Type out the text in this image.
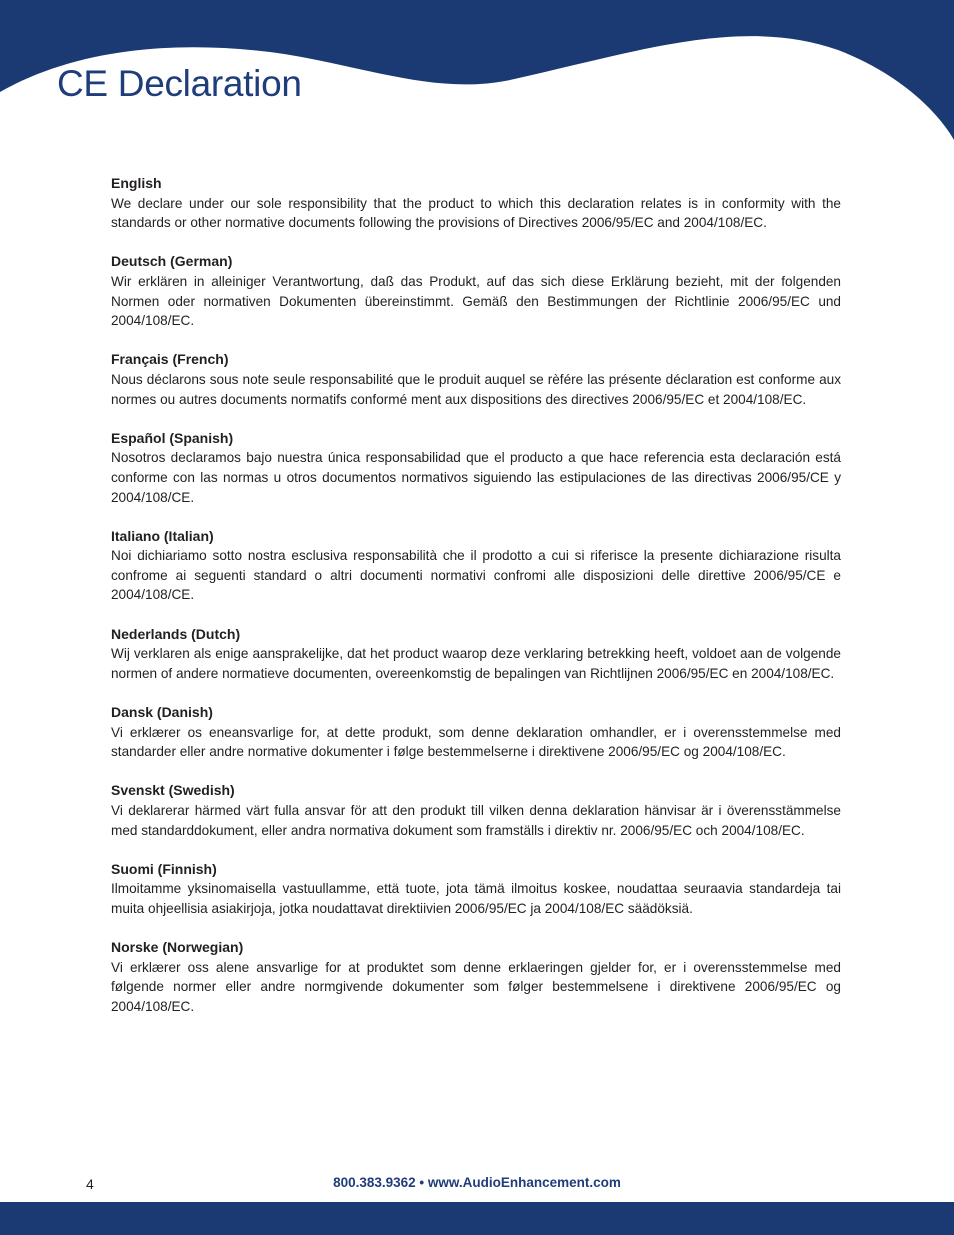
CE Declaration

English

We declare under our sole responsibility that the product to which this declaration relates is in conformity with the standards or other normative documents following the provisions of Directives 2006/95/EC and 2004/108/EC.

Deutsch (German)

Wir erklären in alleiniger Verantwortung, daß das Produkt, auf das sich diese Erklärung bezieht, mit der folgenden Normen oder normativen Dokumenten übereinstimmt. Gemäß den Bestimmungen der Richtlinie 2006/95/EC und 2004/108/EC.

Français (French)

Nous déclarons sous note seule responsabilité que le produit auquel se rèfére las présente déclaration est conforme aux normes ou autres documents normatifs conformé ment aux dispositions des directives 2006/95/EC et 2004/108/EC.

Español (Spanish)

Nosotros declaramos bajo nuestra única responsabilidad que el producto a que hace referencia esta declaración está conforme con las normas u otros documentos normativos siguiendo las estipulaciones de las directivas 2006/95/CE y 2004/108/CE.

Italiano (Italian)

Noi dichiariamo sotto nostra esclusiva responsabilità che il prodotto a cui si riferisce la presente dichiarazione risulta confrome ai seguenti standard o altri documenti normativi confromi alle disposizioni delle direttive 2006/95/CE e 2004/108/CE.

Nederlands (Dutch)

Wij verklaren als enige aansprakelijke, dat het product waarop deze verklaring betrekking heeft, voldoet aan de volgende normen of andere normatieve documenten, overeenkomstig de bepalingen van Richtlijnen 2006/95/EC en 2004/108/EC.

Dansk (Danish)

Vi erklærer os eneansvarlige for, at dette produkt, som denne deklaration omhandler, er i overensstemmelse med standarder eller andre normative dokumenter i følge bestemmelserne i direktivene 2006/95/EC og 2004/108/EC.

Svenskt (Swedish)

Vi deklarerar härmed värt fulla ansvar för att den produkt till vilken denna deklaration hänvisar är i överensstämmelse med standarddokument, eller andra normativa dokument som framställs i direktiv nr. 2006/95/EC och 2004/108/EC.

Suomi (Finnish)

Ilmoitamme yksinomaisella vastuullamme, että tuote, jota tämä ilmoitus koskee, noudattaa seuraavia standardeja tai muita ohjeellisia asiakirjoja, jotka noudattavat direktiivien 2006/95/EC ja 2004/108/EC säädöksiä.

Norske (Norwegian)

Vi erklærer oss alene ansvarlige for at produktet som denne erklaeringen gjelder for, er i overensstemmelse med følgende normer eller andre normgivende dokumenter som følger bestemmelsene i direktivene 2006/95/EC og 2004/108/EC.

4	800.383.9362 • www.AudioEnhancement.com
